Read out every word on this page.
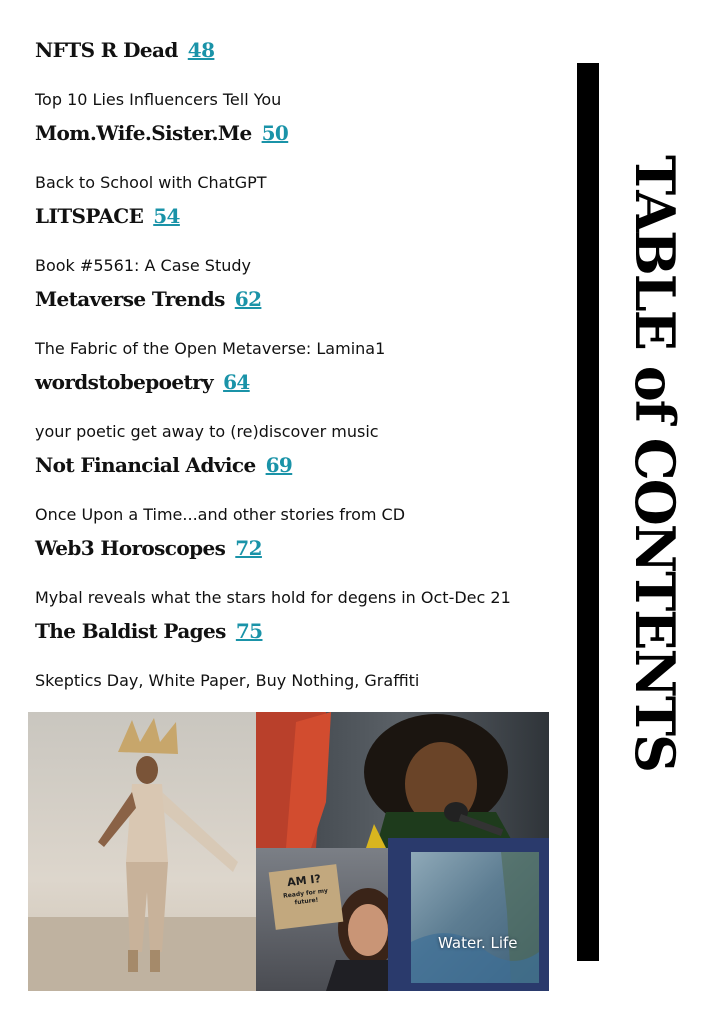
NFTS R Dead 48
Top 10 Lies Influencers Tell You
Mom.Wife.Sister.Me 50
Back to School with ChatGPT
LITSPACE 54
Book #5561: A Case Study
Metaverse Trends 62
The Fabric of the Open Metaverse: Lamina1
wordstobepoetry 64
your poetic get away to (re)discover music
Not Financial Advice 69
Once Upon a Time...and other stories from CD
Web3 Horoscopes 72
Mybal reveals what the stars hold for degens in Oct-Dec 21
The Baldist Pages 75
Skeptics Day, White Paper, Buy Nothing, Graffiti	TABLE of CONTENTS
AM I?
Ready for my future!
Water. Life
